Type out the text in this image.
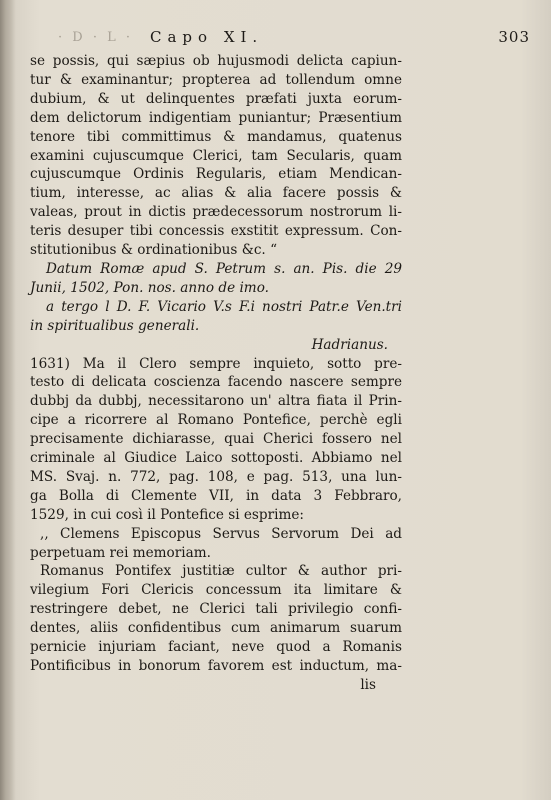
· D · L · Capo XI.	303
se possis, qui sæpius ob hujusmodi delicta capiun-
tur & examinantur; propterea ad tollendum omne
dubium, & ut delinquentes præfati juxta eorum-
dem delictorum indigentiam puniantur; Præsentium
tenore tibi committimus & mandamus, quatenus
examini cujuscumque Clerici, tam Secularis, quam
cujuscumque Ordinis Regularis, etiam Mendican-
tium, interesse, ac alias & alia facere possis &
valeas, prout in dictis prædecessorum nostrorum li-
teris desuper tibi concessis exstitit expressum. Con-
stitutionibus & ordinationibus &c. “
Datum Romæ apud S. Petrum s. an. Pis. die 29
Junii, 1502, Pon. nos. anno de imo.
a tergo l D. F. Vicario V.s F.i nostri Patr.e Ven.tri
in spiritualibus generali.
Hadrianus.
1631) Ma il Clero sempre inquieto, sotto pre-
testo di delicata coscienza facendo nascere sempre
dubbj da dubbj, necessitarono un' altra fiata il Prin-
cipe a ricorrere al Romano Pontefice, perchè egli
precisamente dichiarasse, quai Cherici fossero nel
criminale al Giudice Laico sottoposti. Abbiamo nel
MS. Svaj. n. 772, pag. 108, e pag. 513, una lun-
ga Bolla di Clemente VII, in data 3 Febbraro,
1529, in cui così il Pontefice si esprime:
,, Clemens Episcopus Servus Servorum Dei ad
perpetuam rei memoriam.
Romanus Pontifex justitiæ cultor & author pri-
vilegium Fori Clericis concessum ita limitare &
restringere debet, ne Clerici tali privilegio confi-
dentes, aliis confidentibus cum animarum suarum
pernicie injuriam faciant, neve quod a Romanis
Pontificibus in bonorum favorem est inductum, ma-
lis
